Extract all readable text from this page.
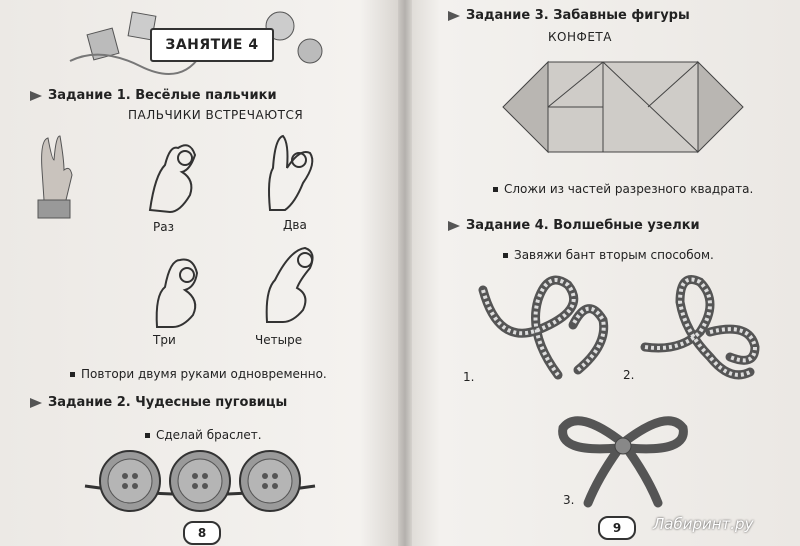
ЗАНЯТИЕ 4
Задание 1. Весёлые пальчики
ПАЛЬЧИКИ ВСТРЕЧАЮТСЯ
Раз	Два
Три	Четыре
Повтори двумя руками одновременно.
Задание 2. Чудесные пуговицы
Сделай браслет.
8
Задание 3. Забавные фигуры
КОНФЕТА
Сложи из частей разрезного квадрата.
Задание 4. Волшебные узелки
Завяжи бант вторым способом.
1.	2.
3.
9	Лабиринт.ру
